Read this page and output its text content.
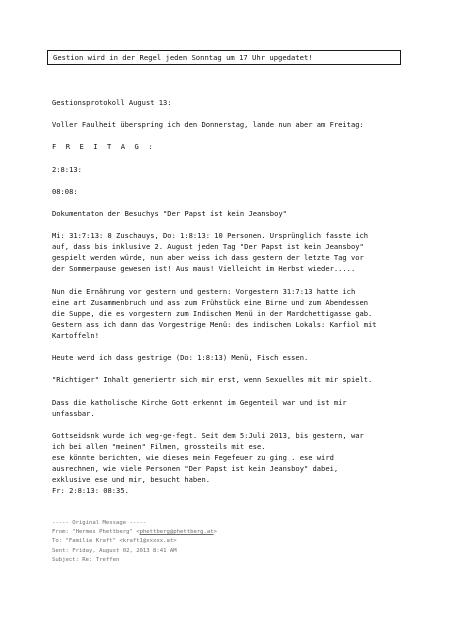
Gestion wird in der Regel jeden Sonntag um 17 Uhr upgedatet!

Gestionsprotokoll August 13:

Voller Faulheit überspring ich den Donnerstag, lande nun aber am Freitag:

F R E I T A G :

2:8:13:

08:08:

Dokumentaton der Besuchys "Der Papst ist kein Jeansboy"

Mi: 31:7:13: 8 Zuschauys, Do: 1:8:13: 10 Personen. Ursprünglich fasste ich

auf, dass bis inklusive 2. August jeden Tag "Der Papst ist kein Jeansboy"

gespielt werden würde, nun aber weiss ich dass gestern der letzte Tag vor

der Sommerpause gewesen ist! Aus maus! Vielleicht im Herbst wieder.....

Nun die Ernährung vor gestern und gestern: Vorgestern 31:7:13 hatte ich

eine art Zusammenbruch und ass zum Frühstück eine Birne und zum Abendessen

die Suppe, die es vorgestern zum Indischen Menü in der Mardchettigasse gab.

Gestern ass ich dann das Vorgestrige Menü: des indischen Lokals: Karfiol mit

Kartoffeln!

Heute werd ich dass gestrige (Do: 1:8:13) Menü, Fisch essen.

"Richtiger" Inhalt generiertr sich mir erst, wenn Sexuelles mit mir spielt.

Dass die katholische Kirche Gott erkennt im Gegenteil war und ist mir

unfassbar.

Gottseidsnk wurde ich weg-ge-fegt. Seit dem 5:Juli 2013, bis gestern, war

ich bei allen "meinen" Filmen, grossteils mit ese.

ese könnte berichten, wie dieses mein Fegefeuer zu ging . ese wird

ausrechnen, wie viele Personen "Der Papst ist kein Jeansboy" dabei,

exklusive ese und mir, besucht haben.

Fr: 2:8:13: 08:35.

----- Original Message -----

From: "Hermes Phettberg" <phettberg@phettberg.at>

To: "Familie Kraft" <kraft1@xxxxx.at>

Sent: Friday, August 02, 2013 8:41 AM

Subject: Re: Treffen
